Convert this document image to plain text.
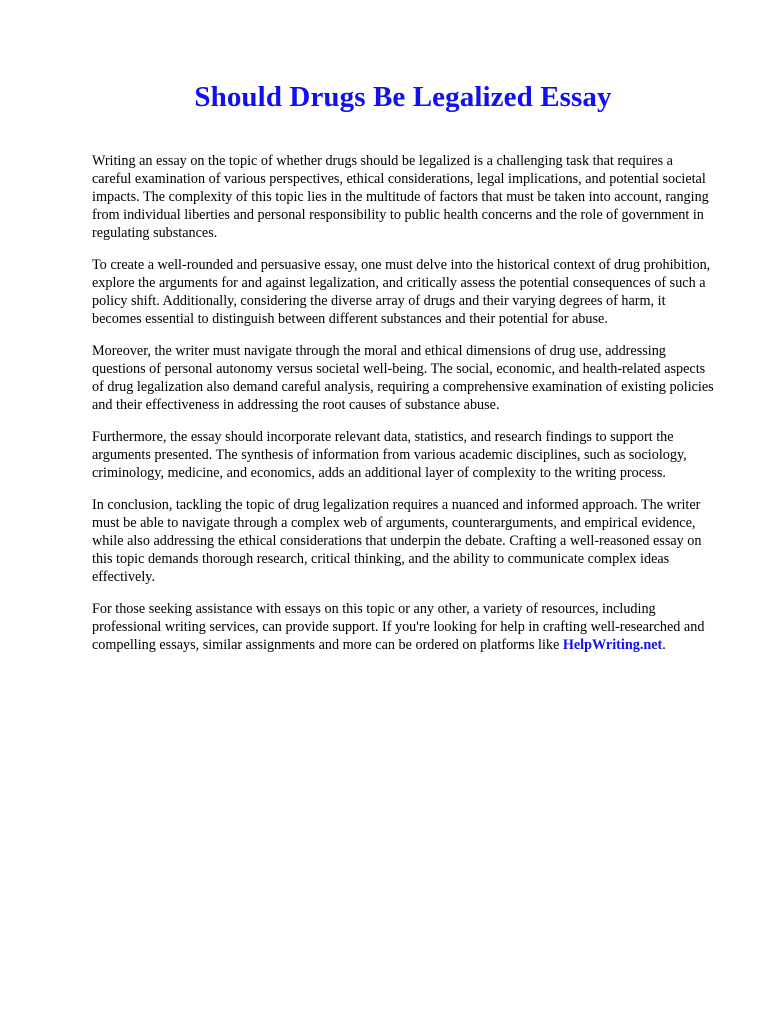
Should Drugs Be Legalized Essay

Writing an essay on the topic of whether drugs should be legalized is a challenging task that requires a careful examination of various perspectives, ethical considerations, legal implications, and potential societal impacts. The complexity of this topic lies in the multitude of factors that must be taken into account, ranging from individual liberties and personal responsibility to public health concerns and the role of government in regulating substances.

To create a well-rounded and persuasive essay, one must delve into the historical context of drug prohibition, explore the arguments for and against legalization, and critically assess the potential consequences of such a policy shift. Additionally, considering the diverse array of drugs and their varying degrees of harm, it becomes essential to distinguish between different substances and their potential for abuse.

Moreover, the writer must navigate through the moral and ethical dimensions of drug use, addressing questions of personal autonomy versus societal well-being. The social, economic, and health-related aspects of drug legalization also demand careful analysis, requiring a comprehensive examination of existing policies and their effectiveness in addressing the root causes of substance abuse.

Furthermore, the essay should incorporate relevant data, statistics, and research findings to support the arguments presented. The synthesis of information from various academic disciplines, such as sociology, criminology, medicine, and economics, adds an additional layer of complexity to the writing process.

In conclusion, tackling the topic of drug legalization requires a nuanced and informed approach. The writer must be able to navigate through a complex web of arguments, counterarguments, and empirical evidence, while also addressing the ethical considerations that underpin the debate. Crafting a well-reasoned essay on this topic demands thorough research, critical thinking, and the ability to communicate complex ideas effectively.

For those seeking assistance with essays on this topic or any other, a variety of resources, including professional writing services, can provide support. If you're looking for help in crafting well-researched and compelling essays, similar assignments and more can be ordered on platforms like HelpWriting.net.
